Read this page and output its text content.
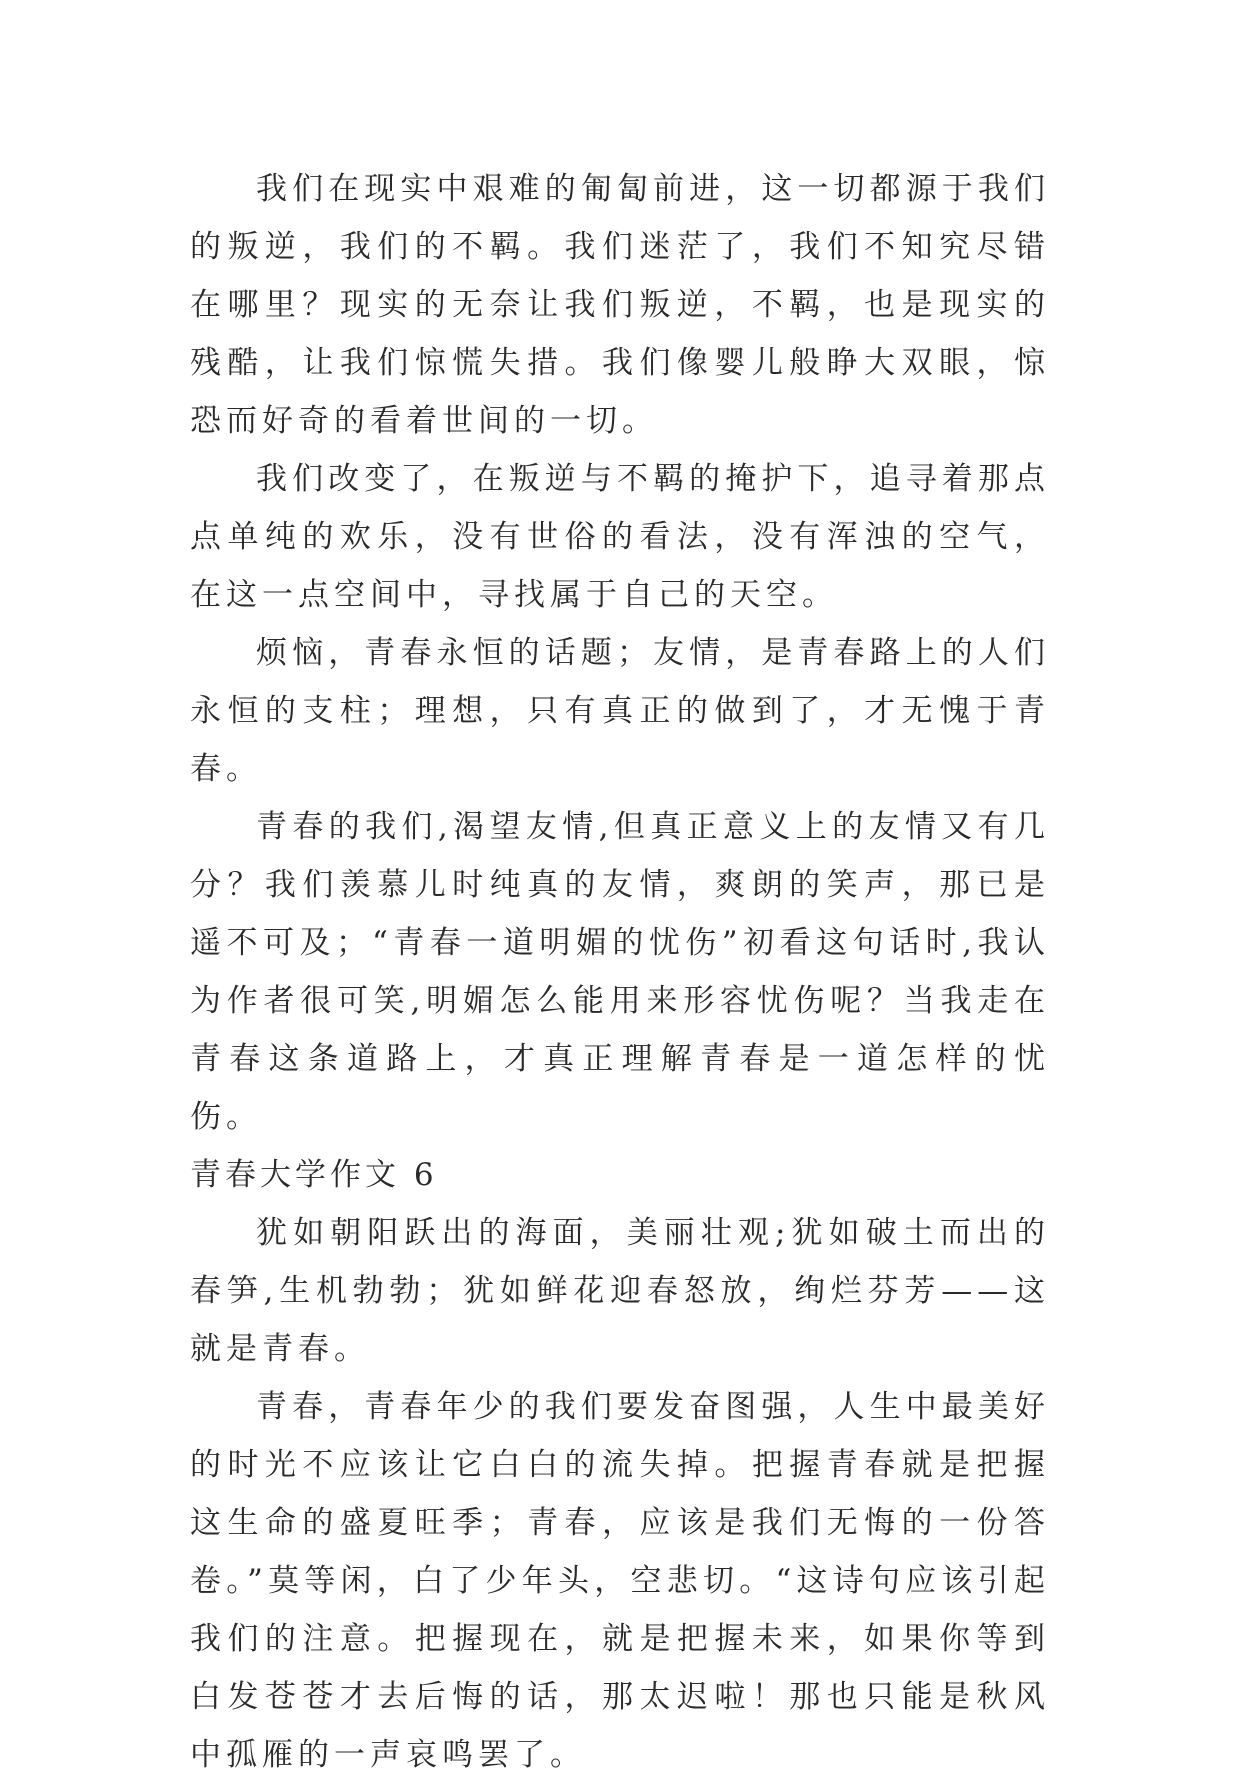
我们在现实中艰难的匍匐前进，这一切都源于我们的叛逆，我们的不羁。我们迷茫了，我们不知究尽错在哪里？现实的无奈让我们叛逆，不羁，也是现实的残酷，让我们惊慌失措。我们像婴儿般睁大双眼，惊恐而好奇的看着世间的一切。

我们改变了，在叛逆与不羁的掩护下，追寻着那点点单纯的欢乐，没有世俗的看法，没有浑浊的空气，在这一点空间中，寻找属于自己的天空。

烦恼，青春永恒的话题；友情，是青春路上的人们永恒的支柱；理想，只有真正的做到了，才无愧于青春。

青春的我们,渴望友情,但真正意义上的友情又有几分？我们羡慕儿时纯真的友情，爽朗的笑声，那已是遥不可及；“青春一道明媚的忧伤”初看这句话时,我认为作者很可笑,明媚怎么能用来形容忧伤呢？当我走在青春这条道路上，才真正理解青春是一道怎样的忧伤。

青春大学作文 6

犹如朝阳跃出的海面，美丽壮观;犹如破土而出的春笋,生机勃勃；犹如鲜花迎春怒放，绚烂芬芳——这就是青春。

青春，青春年少的我们要发奋图强，人生中最美好的时光不应该让它白白的流失掉。把握青春就是把握这生命的盛夏旺季；青春，应该是我们无悔的一份答卷。”莫等闲，白了少年头，空悲切。“这诗句应该引起我们的注意。把握现在，就是把握未来，如果你等到白发苍苍才去后悔的话，那太迟啦！那也只能是秋风中孤雁的一声哀鸣罢了。
